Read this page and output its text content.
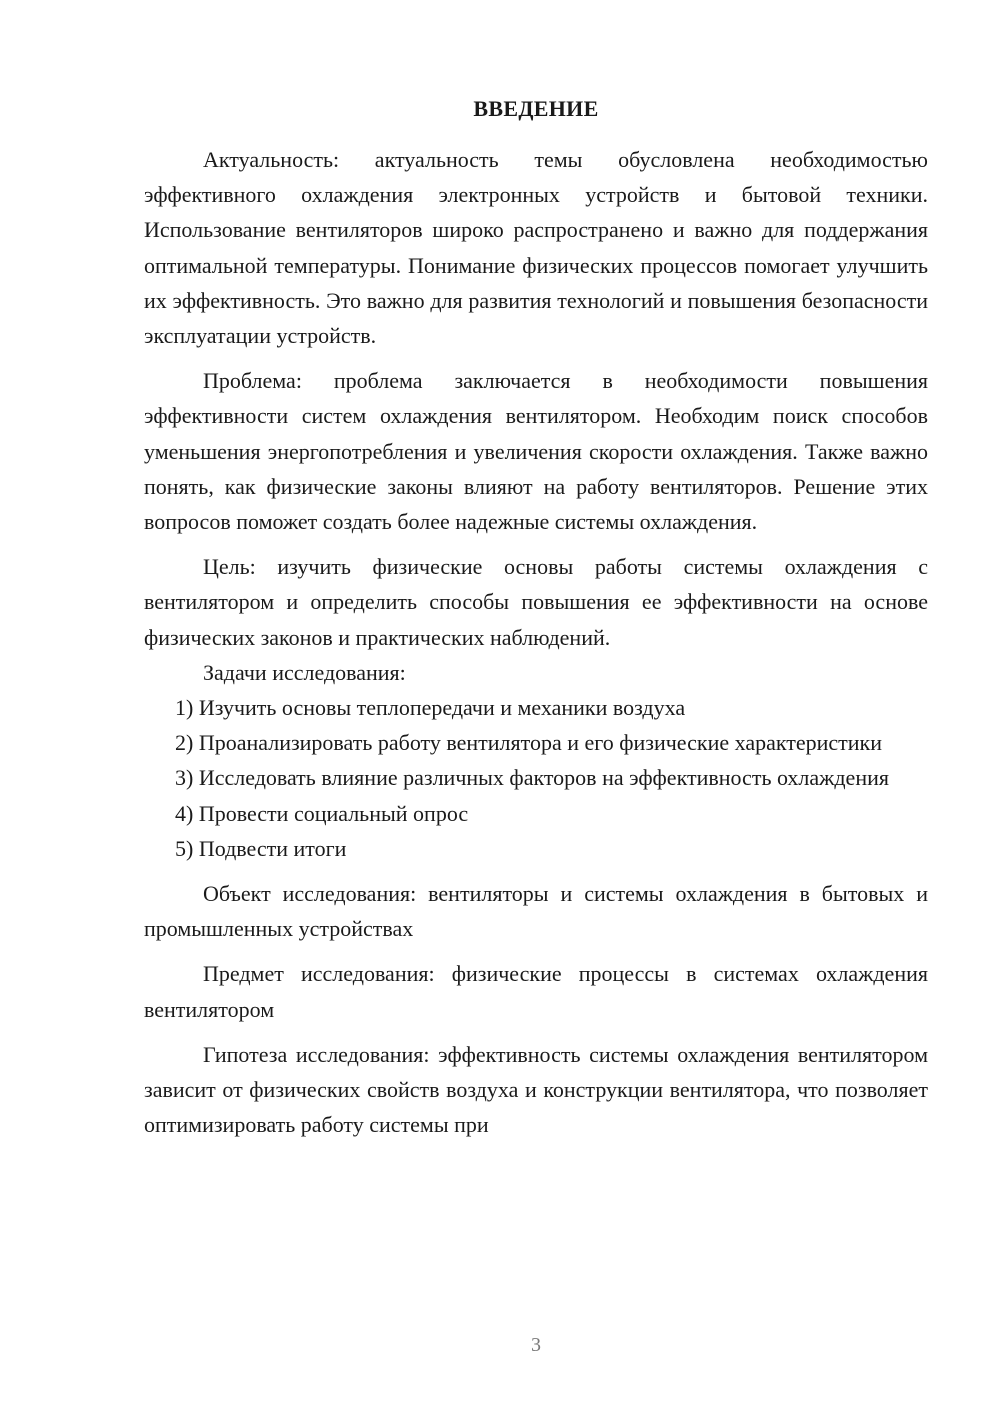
ВВЕДЕНИЕ

Актуальность: актуальность темы обусловлена необходимостью эффективного охлаждения электронных устройств и бытовой техники. Использование вентиляторов широко распространено и важно для поддержания оптимальной температуры. Понимание физических процессов помогает улучшить их эффективность. Это важно для развития технологий и повышения безопасности эксплуатации устройств.

Проблема: проблема заключается в необходимости повышения эффективности систем охлаждения вентилятором. Необходим поиск способов уменьшения энергопотребления и увеличения скорости охлаждения. Также важно понять, как физические законы влияют на работу вентиляторов. Решение этих вопросов поможет создать более надежные системы охлаждения.

Цель: изучить физические основы работы системы охлаждения с вентилятором и определить способы повышения ее эффективности на основе физических законов и практических наблюдений.

Задачи исследования:

1) Изучить основы теплопередачи и механики воздуха

2) Проанализировать работу вентилятора и его физические характеристики

3) Исследовать влияние различных факторов на эффективность охлаждения

4) Провести социальный опрос

5) Подвести итоги

Объект исследования: вентиляторы и системы охлаждения в бытовых и промышленных устройствах

Предмет исследования: физические процессы в системах охлаждения вентилятором

Гипотеза исследования: эффективность системы охлаждения вентилятором зависит от физических свойств воздуха и конструкции вентилятора, что позволяет оптимизировать работу системы при

3
